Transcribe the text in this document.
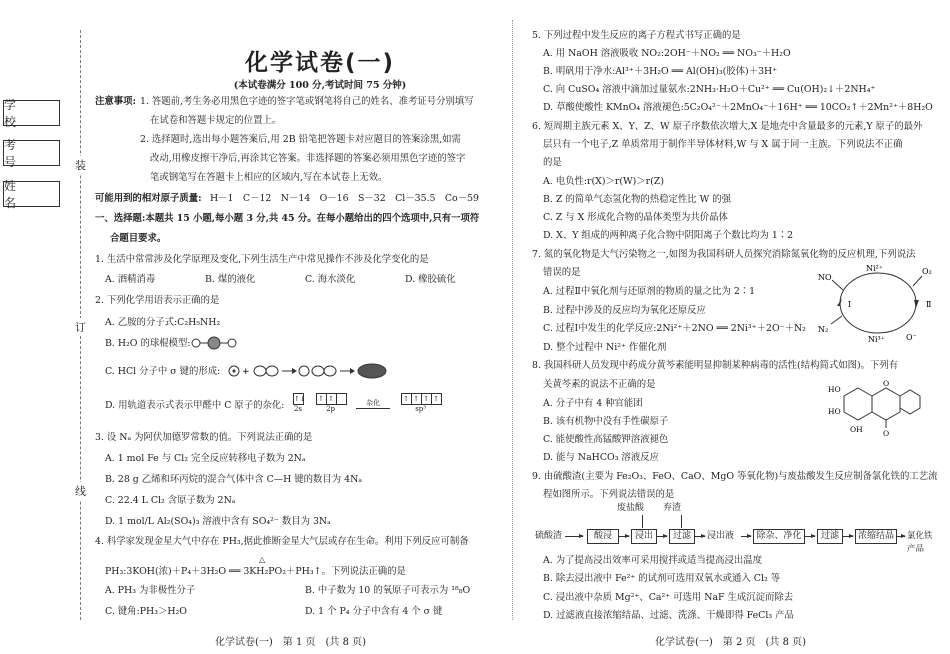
学 校
考 号
姓 名
装
订
线
化学试卷(一)
(本试卷满分 100 分,考试时间 75 分钟)
注意事项: 1. 答题前,考生务必用黑色字迹的签字笔或钢笔将自己的姓名、准考证号分别填写
在试卷和答题卡规定的位置上。
2. 选择题时,选出每小题答案后,用 2B 铅笔把答题卡对应题目的答案涂黑,如需
改动,用橡皮擦干净后,再涂其它答案。非选择题的答案必须用黑色字迹的签字
笔或钢笔写在答题卡上相应的区域内,写在本试卷上无效。
可能用到的相对原子质量: H－1　C－12　N－14　O－16　S－32　Cl－35.5　Co－59
一、选择题:本题共 15 小题,每小题 3 分,共 45 分。在每小题给出的四个选项中,只有一项符
合题目要求。
1. 生活中常常涉及化学原理及变化,下列生活生产中常见操作不涉及化学变化的是
A. 酒精消毒	B. 煤的液化	C. 海水淡化	D. 橡胶硫化
2. 下列化学用语表示正确的是
A. 乙胺的分子式:C₂H₅NH₂
B. H₂O 的球棍模型:
C. HCl 分子中 σ 键的形成: +
D. 用轨道表示式表示甲醛中 C 原子的杂化:
↑↓
2s
↑ ↑
2p

杂化	↑ ↑ ↑ ↑
sp³
3. 设 Nₐ 为阿伏加德罗常数的值。下列说法正确的是
A. 1 mol Fe 与 Cl₂ 完全反应转移电子数为 2Nₐ
B. 28 g 乙烯和环丙烷的混合气体中含 C—H 键的数目为 4Nₐ
C. 22.4 L Cl₂ 含原子数为 2Nₐ
D. 1 mol/L Al₂(SO₄)₃ 溶液中含有 SO₄²⁻ 数目为 3Nₐ
4. 科学家发现金星大气中存在 PH₃,据此推断金星大气层或存在生命。利用下列反应可制备
PH₃:3KOH(浓)＋P₄＋3H₂O ══ 3KH₂PO₂＋PH₃↑。下列说法正确的是
△
A. PH₃ 为非极性分子	B. 中子数为 10 的氧原子可表示为 ¹⁸₈O
C. 键角:PH₃＞H₂O	D. 1 个 P₄ 分子中含有 4 个 σ 键
化学试卷(一)　第 1 页　(共 8 页)
5. 下列过程中发生反应的离子方程式书写正确的是
A. 用 NaOH 溶液吸收 NO₂:2OH⁻＋NO₂ ══ NO₃⁻＋H₂O
B. 明矾用于净水:Al³⁺＋3H₂O ══ Al(OH)₃(胶体)＋3H⁺
C. 向 CuSO₄ 溶液中滴加过量氨水:2NH₃·H₂O＋Cu²⁺ ══ Cu(OH)₂↓＋2NH₄⁺
D. 草酸使酸性 KMnO₄ 溶液褪色:5C₂O₄²⁻＋2MnO₄⁻＋16H⁺ ══ 10CO₂↑＋2Mn²⁺＋8H₂O
6. 短周期主族元素 X、Y、Z、W 原子序数依次增大,X 是地壳中含量最多的元素,Y 原子的最外
层只有一个电子,Z 单质常用于制作半导体材料,W 与 X 属于同一主族。下列说法不正确
的是
A. 电负性:r(X)＞r(W)＞r(Z)
B. Z 的简单气态氢化物的热稳定性比 W 的强
C. Z 与 X 形成化合物的晶体类型为共价晶体
D. X、Y 组成的两种离子化合物中阴阳离子个数比均为 1∶2
7. 氮的氧化物是大气污染物之一,如图为我国科研人员探究消除氮氧化物的反应机理,下列说法
错误的是
A. 过程Ⅱ中氧化剂与还原剂的物质的量之比为 2∶1
B. 过程中涉及的反应均为氧化还原反应
C. 过程Ⅰ中发生的化学反应:2Ni²⁺＋2NO ══ 2Ni³⁺＋2O⁻＋N₂
D. 整个过程中 Ni²⁺ 作催化剂
Ni²⁺
Ni³⁺
NO
N₂
O₂
O⁻
Ⅰ	Ⅱ
8. 我国科研人员发现中药成分黄芩素能明显抑制某种病毒的活性(结构简式如图)。下列有
关黄芩素的说法不正确的是
A. 分子中有 4 种官能团
B. 该有机物中没有手性碳原子
C. 能使酸性高锰酸钾溶液褪色
D. 能与 NaHCO₃ 溶液反应
HO
HO
OH
O
O
9. 由硫酸渣(主要为 Fe₂O₃、FeO、CaO、MgO 等氧化物)与废盐酸发生反应制备氯化铁的工艺流
程如图所示。下列说法错误的是
硫酸渣	酸浸	浸出	过滤	浸出液	除杂、净化	过滤	浓缩结晶	氯化铁产品
废盐酸 弃渣
A. 为了提高浸出效率可采用搅拌或适当提高浸出温度
B. 除去浸出液中 Fe²⁺ 的试剂可选用双氧水或通入 Cl₂ 等
C. 浸出液中杂质 Mg²⁺、Ca²⁺ 可选用 NaF 生成沉淀而除去
D. 过滤液直接浓缩结晶、过滤、洗涤、干燥即得 FeCl₃ 产品
化学试卷(一)　第 2 页　(共 8 页)
